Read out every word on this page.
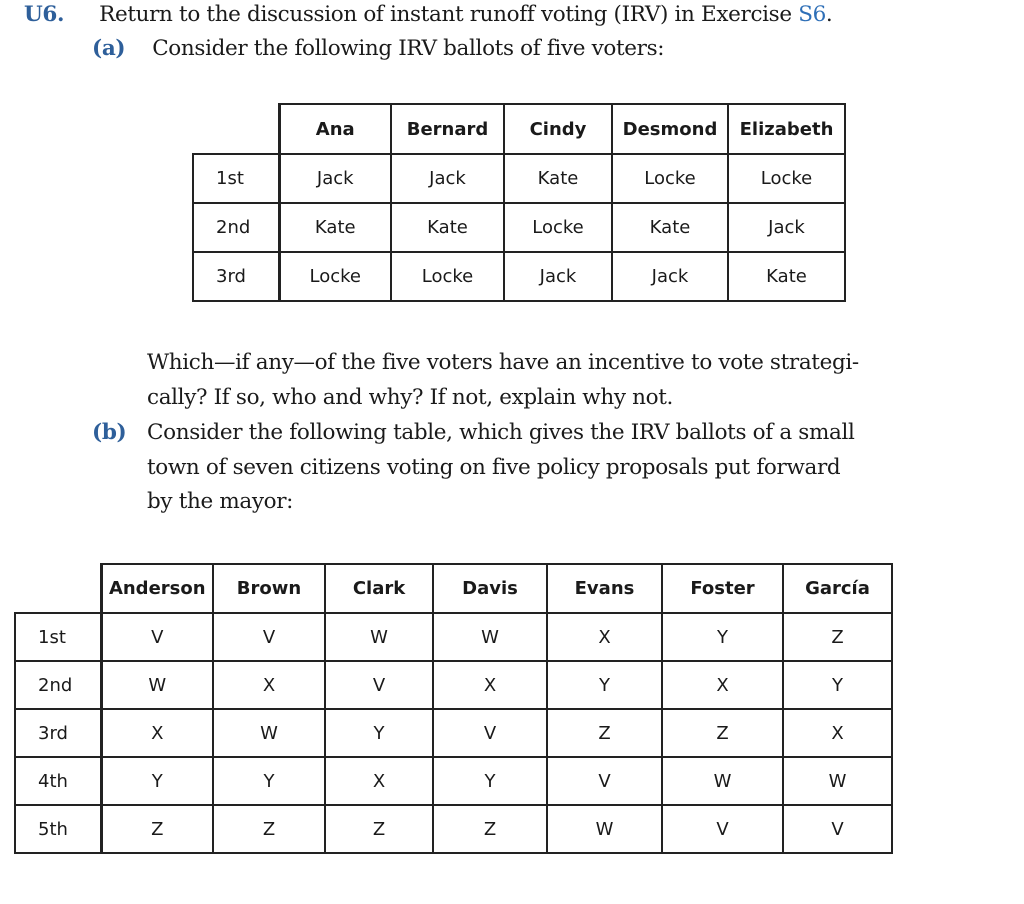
U6. Return to the discussion of instant runoff voting (IRV) in Exercise S6.
(a) Consider the following IRV ballots of five voters:
	Ana	Bernard	Cindy	Desmond	Elizabeth
1st	Jack	Jack	Kate	Locke	Locke
2nd	Kate	Kate	Locke	Kate	Jack
3rd	Locke	Locke	Jack	Jack	Kate
Which—if any—of the five voters have an incentive to vote strategi-
cally? If so, who and why? If not, explain why not.
(b) Consider the following table, which gives the IRV ballots of a small
town of seven citizens voting on five policy proposals put forward
by the mayor:
	Anderson	Brown	Clark	Davis	Evans	Foster	García
1st	V	V	W	W	X	Y	Z
2nd	W	X	V	X	Y	X	Y
3rd	X	W	Y	V	Z	Z	X
4th	Y	Y	X	Y	V	W	W
5th	Z	Z	Z	Z	W	V	V
